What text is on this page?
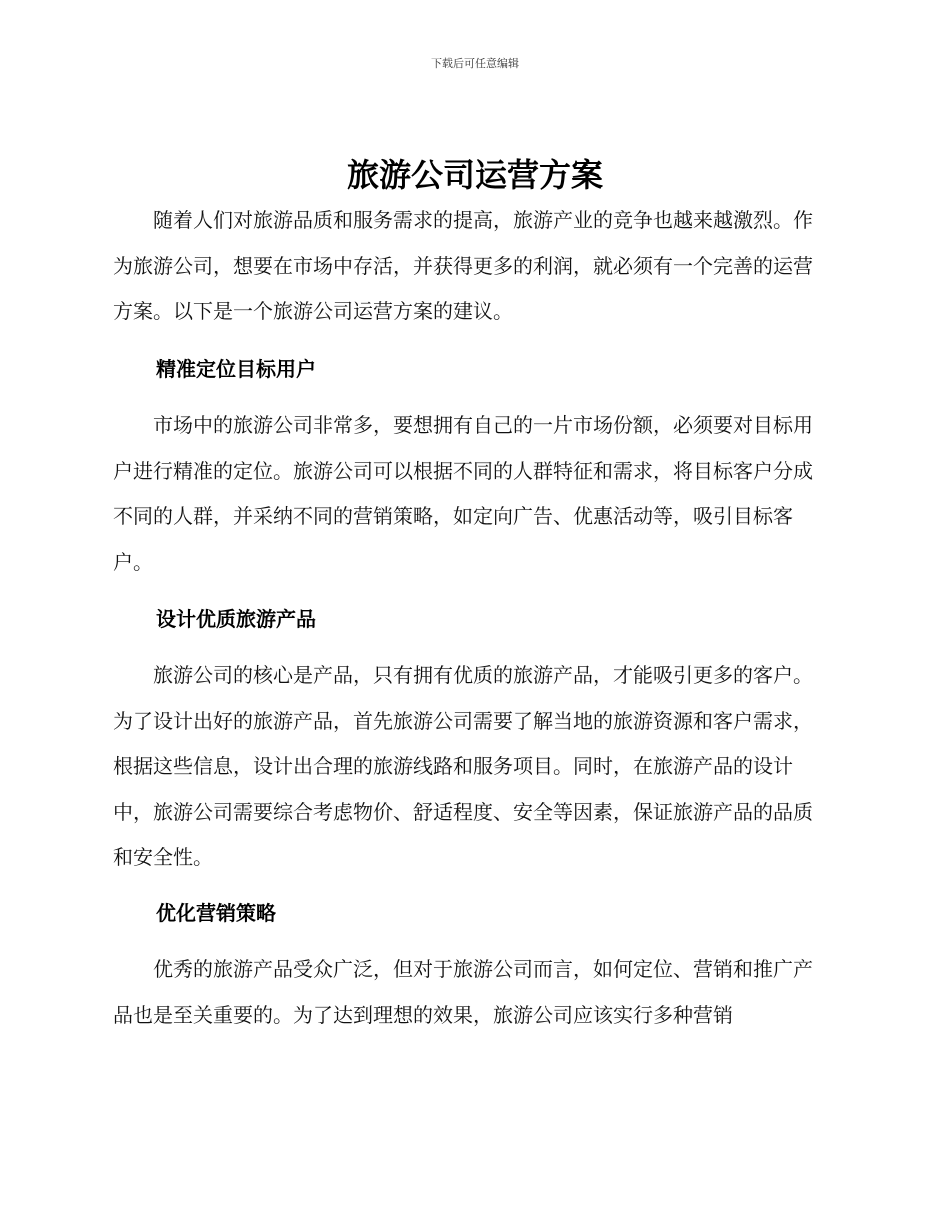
下载后可任意编辑
旅游公司运营方案

随着人们对旅游品质和服务需求的提高，旅游产业的竞争也越来越激烈。作为旅游公司，想要在市场中存活，并获得更多的利润，就必须有一个完善的运营方案。以下是一个旅游公司运营方案的建议。

精准定位目标用户

市场中的旅游公司非常多，要想拥有自己的一片市场份额，必须要对目标用户进行精准的定位。旅游公司可以根据不同的人群特征和需求，将目标客户分成不同的人群，并采纳不同的营销策略，如定向广告、优惠活动等，吸引目标客户。

设计优质旅游产品

旅游公司的核心是产品，只有拥有优质的旅游产品，才能吸引更多的客户。为了设计出好的旅游产品，首先旅游公司需要了解当地的旅游资源和客户需求，根据这些信息，设计出合理的旅游线路和服务项目。同时，在旅游产品的设计中，旅游公司需要综合考虑物价、舒适程度、安全等因素，保证旅游产品的品质和安全性。

优化营销策略

优秀的旅游产品受众广泛，但对于旅游公司而言，如何定位、营销和推广产品也是至关重要的。为了达到理想的效果，旅游公司应该实行多种营销
